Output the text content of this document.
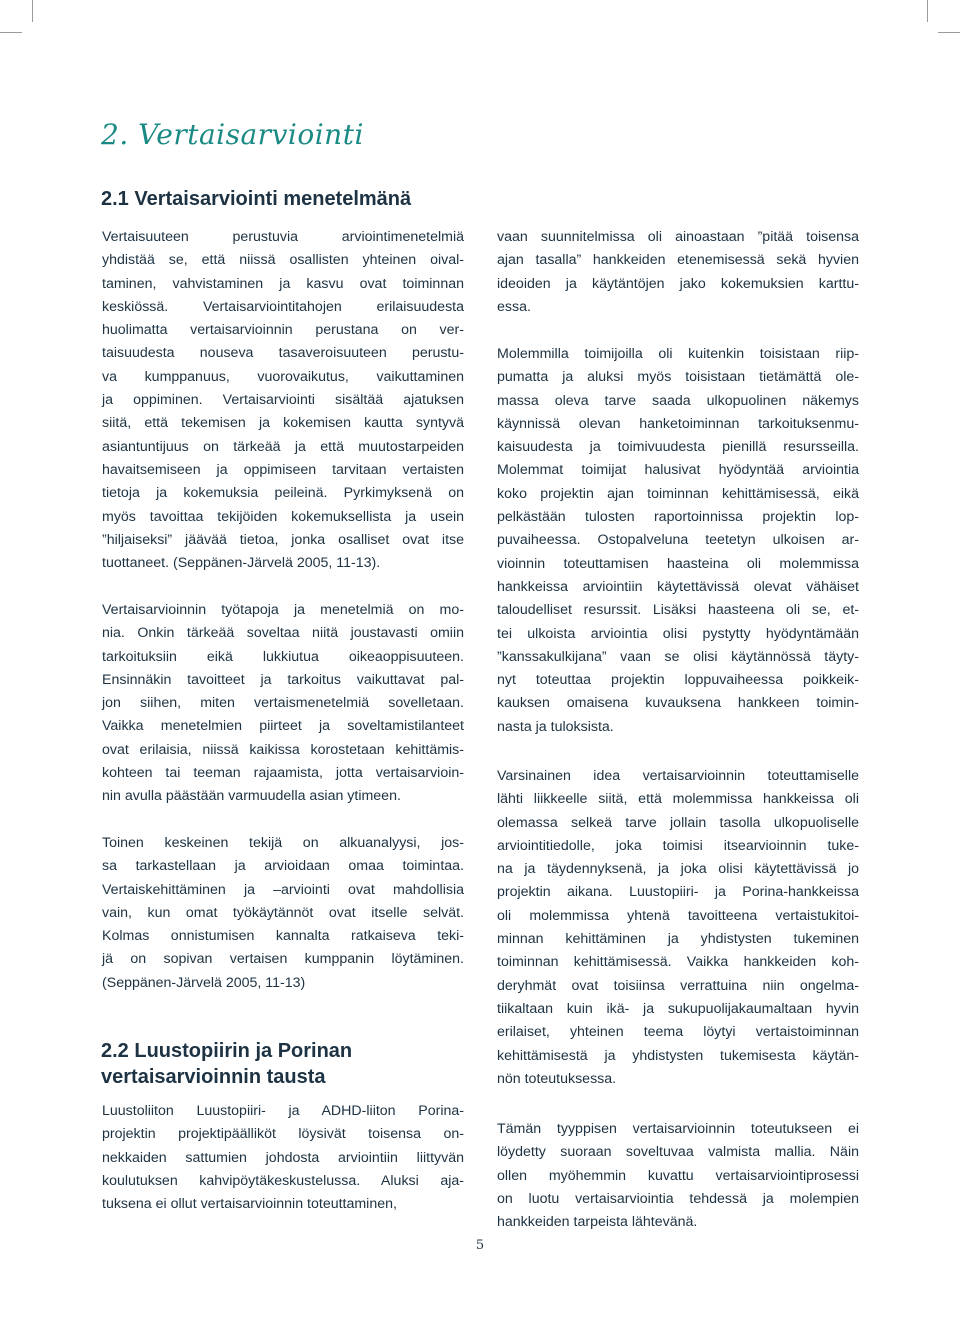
2. Vertaisarviointi
2.1 Vertaisarviointi menetelmänä
2.2 Luustopiirin ja Porinan
vertaisarvioinnin tausta

Vertaisuuteen perustuvia arviointimenetelmiä
yhdistää se, että niissä osallisten yhteinen oival-
taminen, vahvistaminen ja kasvu ovat toiminnan
keskiössä. Vertaisarviointitahojen erilaisuudesta
huolimatta vertaisarvioinnin perustana on ver-
taisuudesta nouseva tasaveroisuuteen perustu-
va kumppanuus, vuorovaikutus, vaikuttaminen
ja oppiminen. Vertaisarviointi sisältää ajatuksen
siitä, että tekemisen ja kokemisen kautta syntyvä
asiantuntijuus on tärkeää ja että muutostarpeiden
havaitsemiseen ja oppimiseen tarvitaan vertaisten
tietoja ja kokemuksia peileinä. Pyrkimyksenä on
myös tavoittaa tekijöiden kokemuksellista ja usein
”hiljaiseksi” jäävää tietoa, jonka osalliset ovat itse
tuottaneet. (Seppänen-Järvelä 2005, 11-13).

Vertaisarvioinnin työtapoja ja menetelmiä on mo-
nia. Onkin tärkeää soveltaa niitä joustavasti omiin
tarkoituksiin eikä lukkiutua oikeaoppisuuteen.
Ensinnäkin tavoitteet ja tarkoitus vaikuttavat pal-
jon siihen, miten vertaismenetelmiä sovelletaan.
Vaikka menetelmien piirteet ja soveltamistilanteet
ovat erilaisia, niissä kaikissa korostetaan kehittämis-
kohteen tai teeman rajaamista, jotta vertaisarvioin-
nin avulla päästään varmuudella asian ytimeen.

Toinen keskeinen tekijä on alkuanalyysi, jos-
sa tarkastellaan ja arvioidaan omaa toimintaa.
Vertaiskehittäminen ja –arviointi ovat mahdollisia
vain, kun omat työkäytännöt ovat itselle selvät.
Kolmas onnistumisen kannalta ratkaiseva teki-
jä on sopivan vertaisen kumppanin löytäminen.
(Seppänen-Järvelä 2005, 11-13)

Luustoliiton Luustopiiri- ja ADHD-liiton Porina-
projektin projektipäälliköt löysivät toisensa on-
nekkaiden sattumien johdosta arviointiin liittyvän
koulutuksen kahvipöytäkeskustelussa. Aluksi aja-
tuksena ei ollut vertaisarvioinnin toteuttaminen,

vaan suunnitelmissa oli ainoastaan ”pitää toisensa
ajan tasalla” hankkeiden etenemisessä sekä hyvien
ideoiden ja käytäntöjen jako kokemuksien karttu-
essa.

Molemmilla toimijoilla oli kuitenkin toisistaan riip-
pumatta ja aluksi myös toisistaan tietämättä ole-
massa oleva tarve saada ulkopuolinen näkemys
käynnissä olevan hanketoiminnan tarkoituksenmu-
kaisuudesta ja toimivuudesta pienillä resursseilla.
Molemmat toimijat halusivat hyödyntää arviointia
koko projektin ajan toiminnan kehittämisessä, eikä
pelkästään tulosten raportoinnissa projektin lop-
puvaiheessa. Ostopalveluna teetetyn ulkoisen ar-
vioinnin toteuttamisen haasteina oli molemmissa
hankkeissa arviointiin käytettävissä olevat vähäiset
taloudelliset resurssit. Lisäksi haasteena oli se, et-
tei ulkoista arviointia olisi pystytty hyödyntämään
”kanssakulkijana” vaan se olisi käytännössä täyty-
nyt toteuttaa projektin loppuvaiheessa poikkeik-
kauksen omaisena kuvauksena hankkeen toimin-
nasta ja tuloksista.

Varsinainen idea vertaisarvioinnin toteuttamiselle
lähti liikkeelle siitä, että molemmissa hankkeissa oli
olemassa selkeä tarve jollain tasolla ulkopuoliselle
arviointitiedolle, joka toimisi itsearvioinnin tuke-
na ja täydennyksenä, ja joka olisi käytettävissä jo
projektin aikana. Luustopiiri- ja Porina-hankkeissa
oli molemmissa yhtenä tavoitteena vertaistukitoi-
minnan kehittäminen ja yhdistysten tukeminen
toiminnan kehittämisessä. Vaikka hankkeiden koh-
deryhmät ovat toisiinsa verrattuina niin ongelma-
tiikaltaan kuin ikä- ja sukupuolijakaumaltaan hyvin
erilaiset, yhteinen teema löytyi vertaistoiminnan
kehittämisestä ja yhdistysten tukemisesta käytän-
nön toteutuksessa.

Tämän tyyppisen vertaisarvioinnin toteutukseen ei
löydetty suoraan soveltuvaa valmista mallia. Näin
ollen myöhemmin kuvattu vertaisarviointiprosessi
on luotu vertaisarviointia tehdessä ja molempien
hankkeiden tarpeista lähtevänä.

5
